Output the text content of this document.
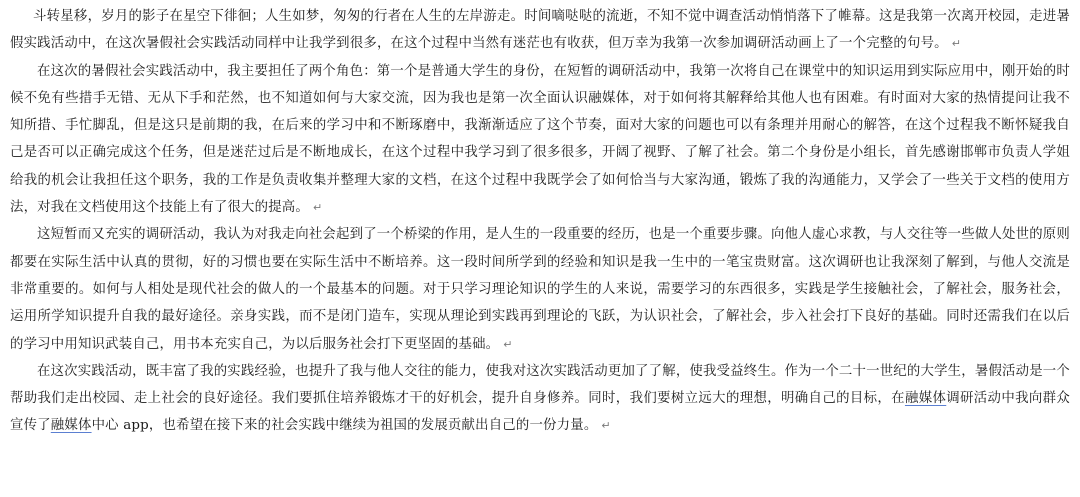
斗转星移，岁月的影子在星空下徘徊；人生如梦，匆匆的行者在人生的左岸游走。时间嘀哒哒的流逝，不知不觉中调查活动悄悄落下了帷幕。这是我第一次离开校园，走进暑假实践活动中，在这次暑假社会实践活动同样中让我学到很多，在这个过程中当然有迷茫也有收获，但万幸为我第一次参加调研活动画上了一个完整的句号。 ↵

在这次的暑假社会实践活动中，我主要担任了两个角色：第一个是普通大学生的身份，在短暂的调研活动中，我第一次将自己在课堂中的知识运用到实际应用中，刚开始的时候不免有些措手无错、无从下手和茫然，也不知道如何与大家交流，因为我也是第一次全面认识融媒体，对于如何将其解释给其他人也有困难。有时面对大家的热情提问让我不知所措、手忙脚乱，但是这只是前期的我，在后来的学习中和不断琢磨中，我渐渐适应了这个节奏，面对大家的问题也可以有条理并用耐心的解答，在这个过程我不断怀疑我自己是否可以正确完成这个任务，但是迷茫过后是不断地成长，在这个过程中我学习到了很多很多，开阔了视野、了解了社会。第二个身份是小组长，首先感谢邯郸市负责人学姐给我的机会让我担任这个职务，我的工作是负责收集并整理大家的文档，在这个过程中我既学会了如何恰当与大家沟通，锻炼了我的沟通能力，又学会了一些关于文档的使用方法，对我在文档使用这个技能上有了很大的提高。 ↵

这短暂而又充实的调研活动，我认为对我走向社会起到了一个桥梁的作用，是人生的一段重要的经历，也是一个重要步骤。向他人虚心求教，与人交往等一些做人处世的原则都要在实际生活中认真的贯彻，好的习惯也要在实际生活中不断培养。这一段时间所学到的经验和知识是我一生中的一笔宝贵财富。这次调研也让我深刻了解到，与他人交流是非常重要的。如何与人相处是现代社会的做人的一个最基本的问题。对于只学习理论知识的学生的人来说，需要学习的东西很多，实践是学生接触社会，了解社会，服务社会，运用所学知识提升自我的最好途径。亲身实践，而不是闭门造车，实现从理论到实践再到理论的飞跃，为认识社会，了解社会，步入社会打下良好的基础。同时还需我们在以后的学习中用知识武装自己，用书本充实自己，为以后服务社会打下更坚固的基础。 ↵

在这次实践活动，既丰富了我的实践经验，也提升了我与他人交往的能力，使我对这次实践活动更加了了解，使我受益终生。作为一个二十一世纪的大学生，暑假活动是一个帮助我们走出校园、走上社会的良好途径。我们要抓住培养锻炼才干的好机会，提升自身修养。同时，我们要树立远大的理想，明确自己的目标，在融媒体调研活动中我向群众宣传了融媒体中心 app，也希望在接下来的社会实践中继续为祖国的发展贡献出自己的一份力量。 ↵
